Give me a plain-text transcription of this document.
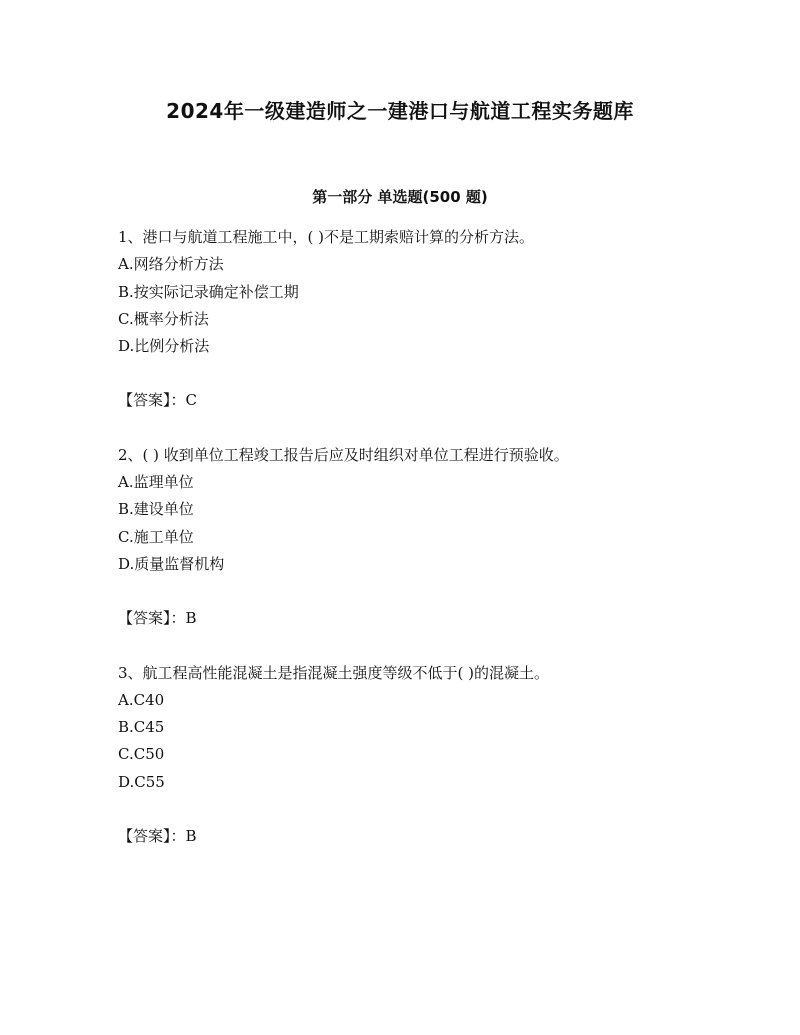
2024年一级建造师之一建港口与航道工程实务题库
第一部分 单选题(500 题)

1、港口与航道工程施工中，( )不是工期索赔计算的分析方法。

A.网络分析方法

B.按实际记录确定补偿工期

C.概率分析法

D.比例分析法

【答案】：C

2、( ) 收到单位工程竣工报告后应及时组织对单位工程进行预验收。

A.监理单位

B.建设单位

C.施工单位

D.质量监督机构

【答案】：B

3、航工程高性能混凝土是指混凝土强度等级不低于( )的混凝土。

A.C40

B.C45

C.C50

D.C55

【答案】：B
